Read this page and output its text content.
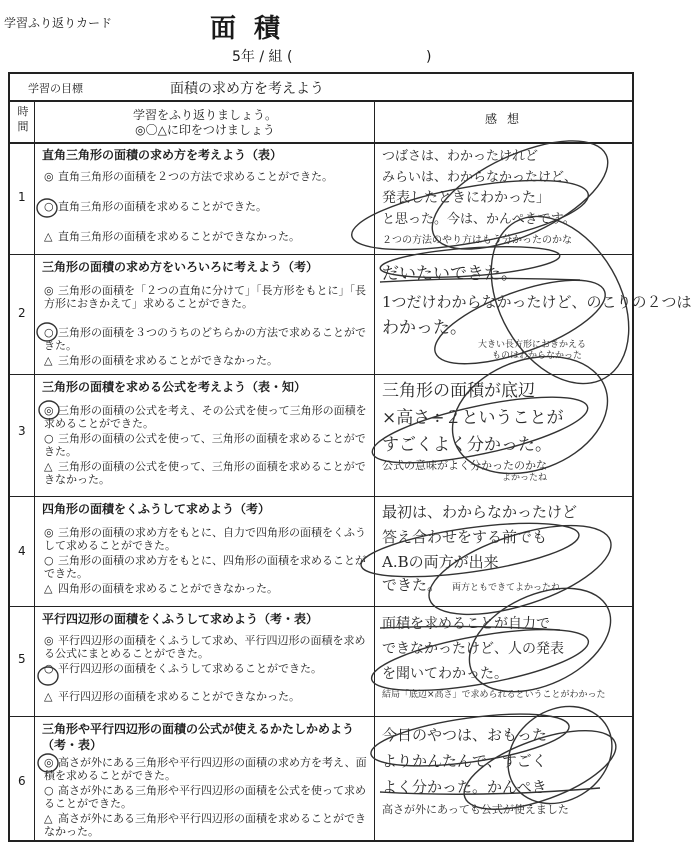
学習ふり返りカード	面積
5年 / 組 (                              )
学習の目標	面積の求め方を考えよう
時間
学習をふり返りましょう。
◎〇△に印をつけましょう
感想
1
直角三角形の面積の求め方を考えよう（表）
◎ 直角三角形の面積を２つの方法で求めることができた。
○ 直角三角形の面積を求めることができた。
△ 直角三角形の面積を求めることができなかった。
つばさは、わかったけれど
みらいは、わからなかったけど、
発表したときにわかった」
と思った。今は、かんぺきです。
２つの方法のやり方はもう分かったのかな
2
三角形の面積の求め方をいろいろに考えよう（考）
◎ 三角形の面積を「２つの直角に分けて」「長方形をもとに」「長方形におきかえて」求めることができた。
○ 三角形の面積を３つのうちのどちらかの方法で求めることができた。
△ 三角形の面積を求めることができなかった。
だいたいできた。
1つだけわからなかったけど、のこりの２つは
わかった。
大きい長方形におきかえる
ものはわからなかった
3
三角形の面積を求める公式を考えよう（表・知）
◎ 三角形の面積の公式を考え、その公式を使って三角形の面積を求めることができた。
○ 三角形の面積の公式を使って、三角形の面積を求めることができた。
△ 三角形の面積の公式を使って、三角形の面積を求めることができなかった。
三角形の面積が底辺
×高さ÷２ということが
すごくよく分かった。
公式の意味がよく分かったのかな
よかったね
4
四角形の面積をくふうして求めよう（考）
◎ 三角形の面積の求め方をもとに、自力で四角形の面積をくふうして求めることができた。
○ 三角形の面積の求め方をもとに、四角形の面積を求めることができた。
△ 四角形の面積を求めることができなかった。
最初は、わからなかったけど
答え合わせをする前でも
A.Bの両方が出来
できた。 両方ともできてよかったね
5
平行四辺形の面積をくふうして求めよう（考・表）
◎ 平行四辺形の面積をくふうして求め、平行四辺形の面積を求める公式にまとめることができた。
○ 平行四辺形の面積をくふうして求めることができた。
△ 平行四辺形の面積を求めることができなかった。
面積を求めることが自力で
できなかったけど、人の発表
を聞いてわかった。
結局「底辺×高さ」で求められるということがわかった
6
三角形や平行四辺形の面積の公式が使えるかたしかめよう（考・表）
◎ 高さが外にある三角形や平行四辺形の面積の求め方を考え、面積を求めることができた。
○ 高さが外にある三角形や平行四辺形の面積を公式を使って求めることができた。
△ 高さが外にある三角形や平行四辺形の面積を求めることができなかった。
今日のやつは、おもった
よりかんたんで、すごく
よく分かった。かんぺき
高さが外にあっても公式が使えました
